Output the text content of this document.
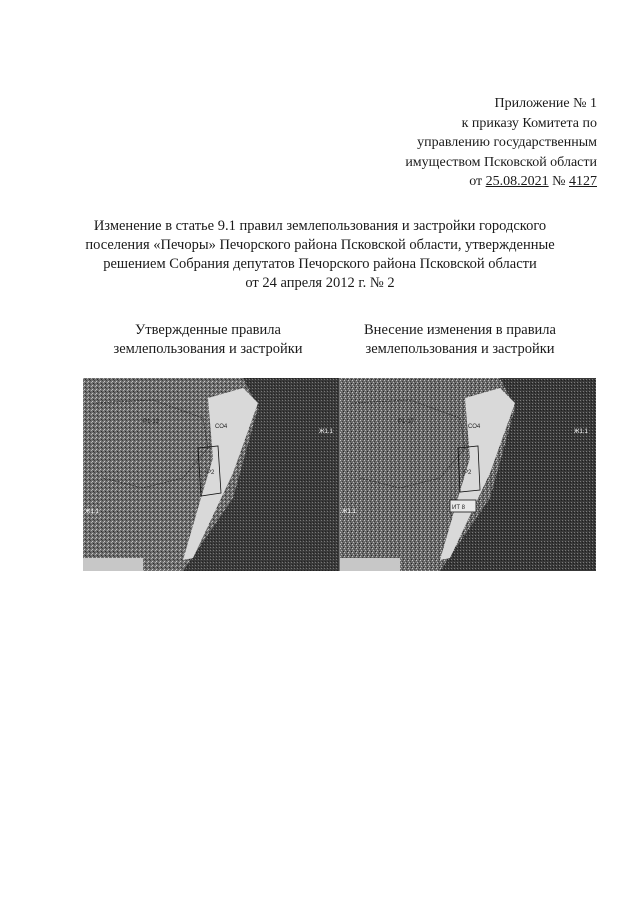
Приложение № 1
к приказу Комитета по
управлению государственным
имуществом Псковской области
от 25.08.2021 № 4127
Изменение в статье 9.1 правил землепользования и застройки городского
поселения «Печоры» Печорского района Псковской области, утвержденные
решением Собрания депутатов Печорского района Псковской области
от 24 апреля 2012 г. № 2
Утвержденные правила
землепользования и застройки
Внесение изменения в правила
землепользования и застройки
Р1-12
СО4
Р2
Ж1.1
Ж1.1
Р1-17
СО4
Р2
ИТ 8
Ж1.1
Ж1.1
